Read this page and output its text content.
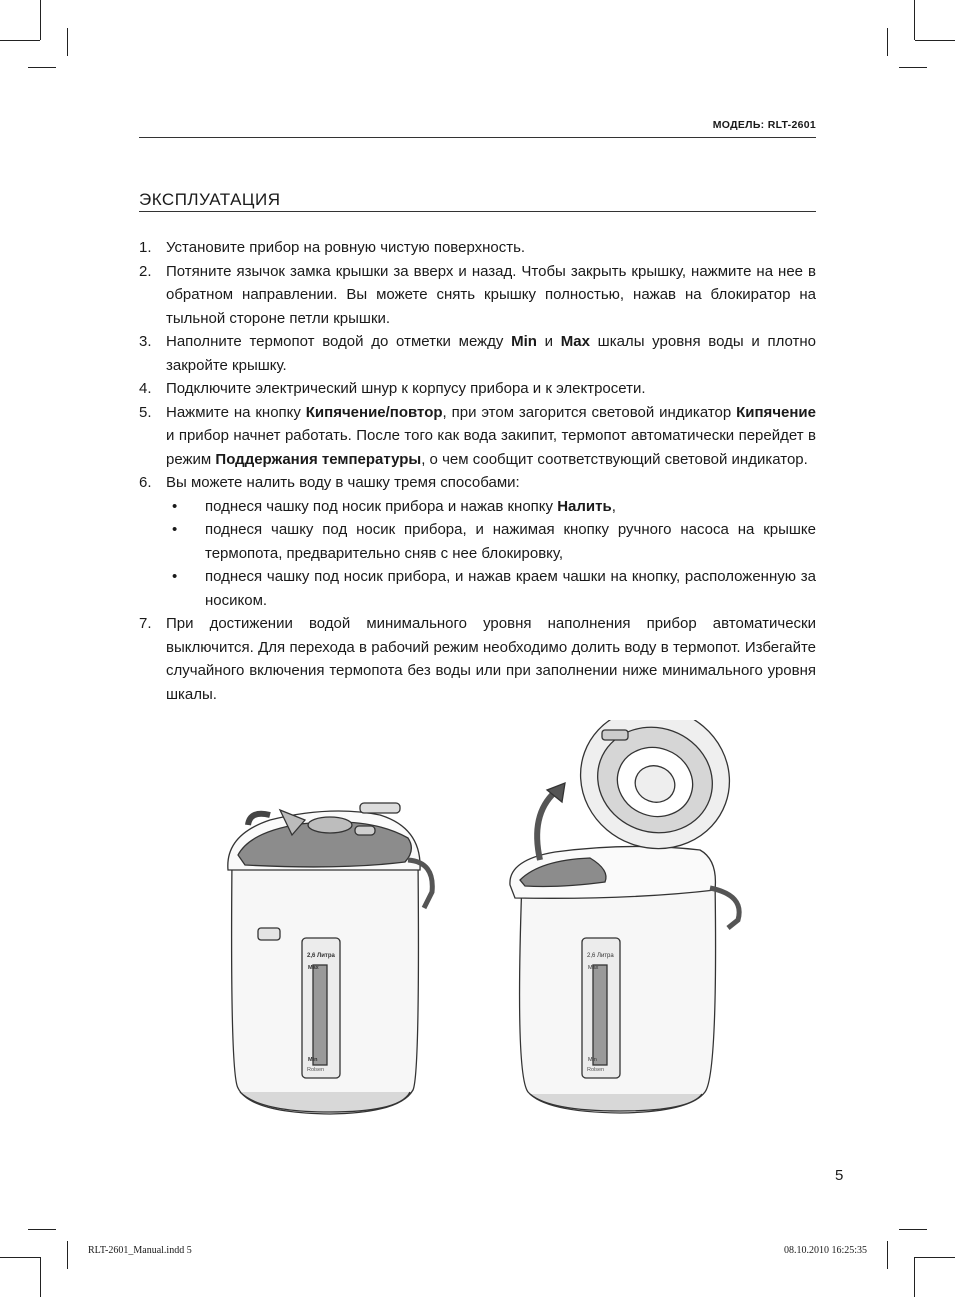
МОДЕЛЬ: RLT-2601
ЭКСПЛУАТАЦИЯ
1. Установите прибор на ровную чистую поверхность.
2. Потяните язычок замка крышки за вверх и назад. Чтобы закрыть крышку, нажмите на нее в обратном направлении. Вы можете снять крышку полностью, нажав на блокиратор на тыльной стороне петли крышки.
3. Наполните термопот водой до отметки между Min и Max шкалы уровня воды и плотно закройте крышку.
4. Подключите электрический шнур к корпусу прибора и к электросети.
5. Нажмите на кнопку Кипячение/повтор, при этом загорится световой индикатор Кипячение и прибор начнет работать. После того как вода закипит, термопот автоматически перейдет в режим Поддержания температуры, о чем сообщит соответствующий световой индикатор.
6. Вы можете налить воду в чашку тремя способами:
• поднеся чашку под носик прибора и нажав кнопку Налить,
• поднеся чашку под носик прибора, и нажимая кнопку ручного насоса на крышке термопота, предварительно сняв с нее блокировку,
• поднеся чашку под носик прибора, и нажав краем чашки на кнопку, расположенную за носиком.
7. При достижении водой минимального уровня наполнения прибор автоматически выключится. Для перехода в рабочий режим необходимо долить воду в термопот. Избегайте случайного включения термопота без воды или при заполнении ниже минимального уровня шкалы.
2,6 Литра
Max
Min
Rolsen
2,6 Литра
Max
Min
Rolsen
5
RLT-2601_Manual.indd 5	08.10.2010 16:25:35
